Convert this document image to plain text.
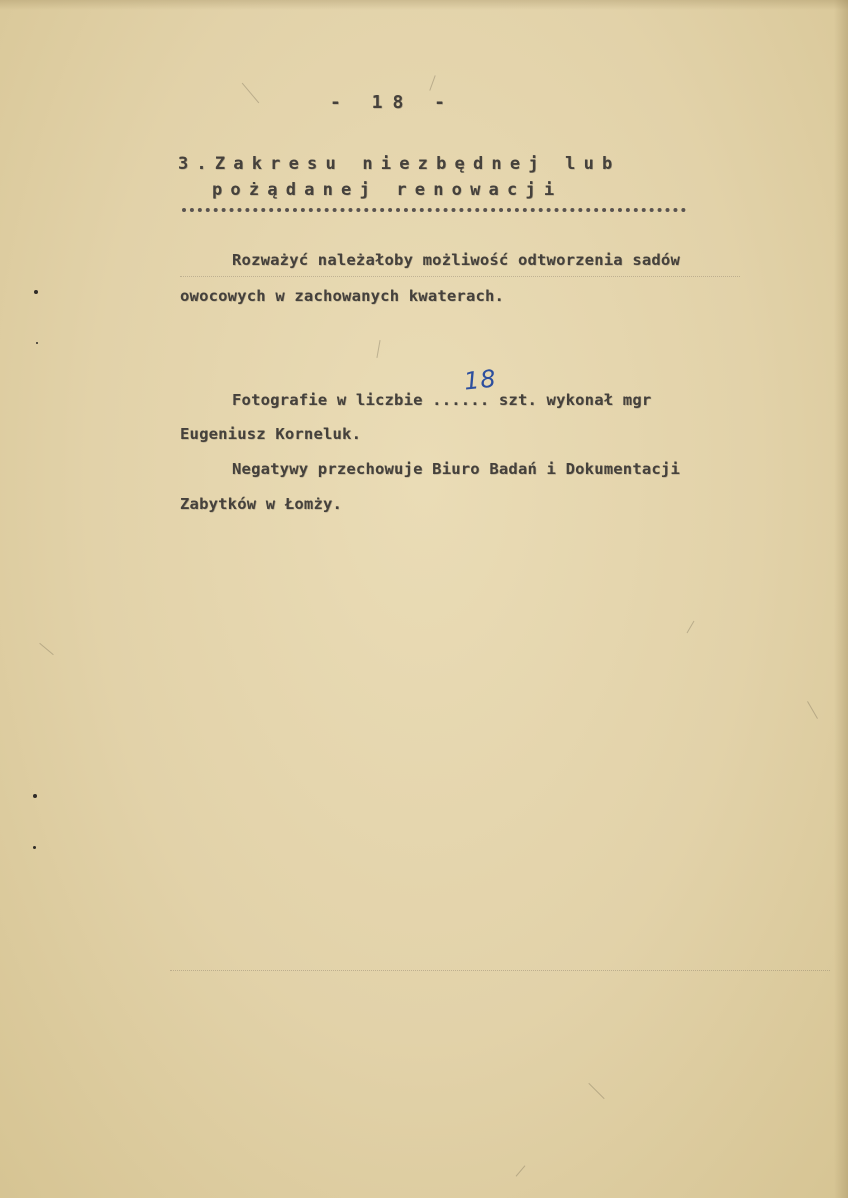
- 18 -
3.Zakresu niezbędnej lub
pożądanej renowacji
Rozważyć należałoby możliwość odtworzenia sadów
owocowych w zachowanych kwaterach.
Fotografie w liczbie ...... szt. wykonał mgr
18
Eugeniusz Korneluk.
Negatywy przechowuje Biuro Badań i Dokumentacji
Zabytków w Łomży.
